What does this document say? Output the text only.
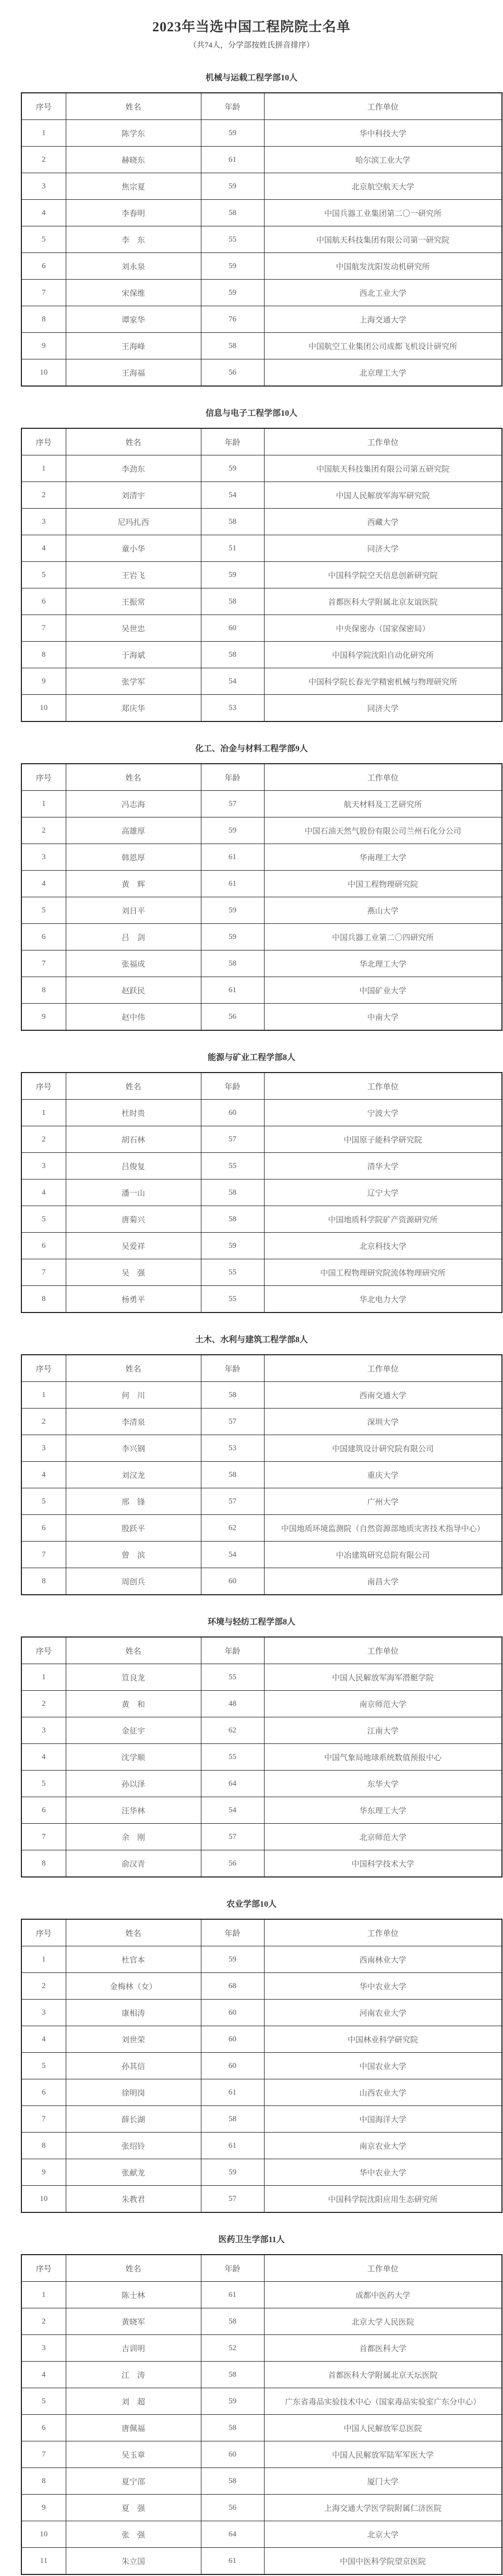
2023年当选中国工程院院士名单
（共74人，分学部按姓氏拼音排序）
机械与运载工程学部10人
序号	姓名	年龄	工作单位
1	陈学东	59	华中科技大学
2	赫晓东	61	哈尔滨工业大学
3	焦宗夏	59	北京航空航天大学
4	李春明	58	中国兵器工业集团第二〇一研究所
5	李　东	55	中国航天科技集团有限公司第一研究院
6	刘永泉	59	中国航发沈阳发动机研究所
7	宋保维	59	西北工业大学
8	谭家华	76	上海交通大学
9	王海峰	58	中国航空工业集团公司成都飞机设计研究所
10	王海福	56	北京理工大学
信息与电子工程学部10人
序号	姓名	年龄	工作单位
1	李劲东	59	中国航天科技集团有限公司第五研究院
2	刘清宇	54	中国人民解放军海军研究院
3	尼玛扎西	58	西藏大学
4	童小华	51	同济大学
5	王岩飞	59	中国科学院空天信息创新研究院
6	王振常	58	首都医科大学附属北京友谊医院
7	吴世忠	60	中央保密办（国家保密局）
8	于海斌	58	中国科学院沈阳自动化研究所
9	张学军	54	中国科学院长春光学精密机械与物理研究所
10	郑庆华	53	同济大学
化工、冶金与材料工程学部9人
序号	姓名	年龄	工作单位
1	冯志海	57	航天材料及工艺研究所
2	高雄厚	59	中国石油天然气股份有限公司兰州石化分公司
3	韩恩厚	61	华南理工大学
4	黄　辉	61	中国工程物理研究院
5	刘日平	59	燕山大学
6	吕　剑	59	中国兵器工业第二〇四研究所
7	张福成	58	华北理工大学
8	赵跃民	61	中国矿业大学
9	赵中伟	56	中南大学
能源与矿业工程学部8人
序号	姓名	年龄	工作单位
1	杜时贵	60	宁波大学
2	胡石林	57	中国原子能科学研究院
3	吕俊复	55	清华大学
4	潘一山	58	辽宁大学
5	唐菊兴	58	中国地质科学院矿产资源研究所
6	吴爱祥	59	北京科技大学
7	吴　强	55	中国工程物理研究院流体物理研究所
8	杨勇平	55	华北电力大学
土木、水利与建筑工程学部8人
序号	姓名	年龄	工作单位
1	何　川	58	西南交通大学
2	李清泉	57	深圳大学
3	李兴钢	53	中国建筑设计研究院有限公司
4	刘汉龙	58	重庆大学
5	邢　锋	57	广州大学
6	殷跃平	62	中国地质环境监测院（自然资源部地质灾害技术指导中心）
7	曾　滨	54	中冶建筑研究总院有限公司
8	周创兵	60	南昌大学
环境与轻纺工程学部8人
序号	姓名	年龄	工作单位
1	笪良龙	55	中国人民解放军海军潜艇学院
2	黄　和	48	南京师范大学
3	金征宇	62	江南大学
4	沈学顺	55	中国气象局地球系统数值预报中心
5	孙以泽	64	东华大学
6	汪华林	54	华东理工大学
7	余　刚	57	北京师范大学
8	俞汉青	56	中国科学技术大学
农业学部10人
序号	姓名	年龄	工作单位
1	杜官本	59	西南林业大学
2	金梅林（女）	68	华中农业大学
3	康相涛	60	河南农业大学
4	刘世荣	60	中国林业科学研究院
5	孙其信	60	中国农业大学
6	徐明岗	61	山西农业大学
7	薛长湖	58	中国海洋大学
8	张绍铃	61	南京农业大学
9	张献龙	59	华中农业大学
10	朱教君	57	中国科学院沈阳应用生态研究所
医药卫生学部11人
序号	姓名	年龄	工作单位
1	陈士林	61	成都中医药大学
2	黄晓军	58	北京大学人民医院
3	吉训明	52	首都医科大学
4	江　涛	58	首都医科大学附属北京天坛医院
5	刘　超	59	广东省毒品实验技术中心（国家毒品实验室广东分中心）
6	唐佩福	58	中国人民解放军总医院
7	吴玉章	60	中国人民解放军陆军军医大学
8	夏宁邵	58	厦门大学
9	夏　强	56	上海交通大学医学院附属仁济医院
10	张　强	64	北京大学
11	朱立国	61	中国中医科学院望京医院
